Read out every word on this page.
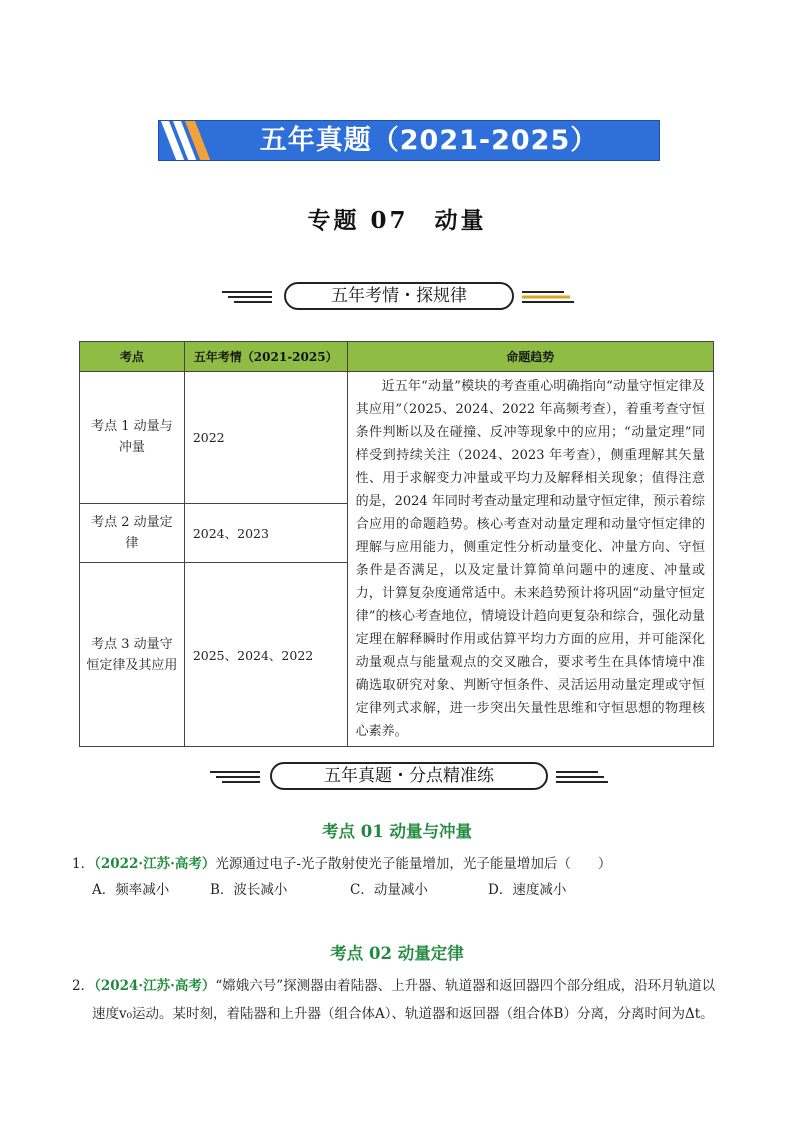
五年真题（2021-2025）
专题 07　动量
五年考情・探规律
考点	五年考情（2021-2025）	命题趋势
考点 1 动量与冲量	2022	近五年“动量”模块的考查重心明确指向“动量守恒定律及其应用”（2025、2024、2022 年高频考查），着重考查守恒条件判断以及在碰撞、反冲等现象中的应用；“动量定理”同样受到持续关注（2024、2023 年考查），侧重理解其矢量性、用于求解变力冲量或平均力及解释相关现象；值得注意的是，2024 年同时考查动量定理和动量守恒定律，预示着综合应用的命题趋势。核心考查对动量定理和动量守恒定律的理解与应用能力，侧重定性分析动量变化、冲量方向、守恒条件是否满足，以及定量计算简单问题中的速度、冲量或力，计算复杂度通常适中。未来趋势预计将巩固“动量守恒定律”的核心考查地位，情境设计趋向更复杂和综合，强化动量定理在解释瞬时作用或估算平均力方面的应用，并可能深化动量观点与能量观点的交叉融合，要求考生在具体情境中准确选取研究对象、判断守恒条件、灵活运用动量定理或守恒定律列式求解，进一步突出矢量性思维和守恒思想的物理核心素养。
考点 2 动量定律	2024、2023	
考点 3 动量守恒定律及其应用	2025、2024、2022	
五年真题・分点精准练
考点 01 动量与冲量
1．（2022·江苏·高考）光源通过电子-光子散射使光子能量增加，光子能量增加后（　　）
A．频率减小	B．波长减小	C．动量减小	D．速度减小
考点 02 动量定律
2．（2024·江苏·高考）“嫦娥六号”探测器由着陆器、上升器、轨道器和返回器四个部分组成，沿环月轨道以
速度v₀运动。某时刻，着陆器和上升器（组合体A）、轨道器和返回器（组合体B）分离，分离时间为Δt。
